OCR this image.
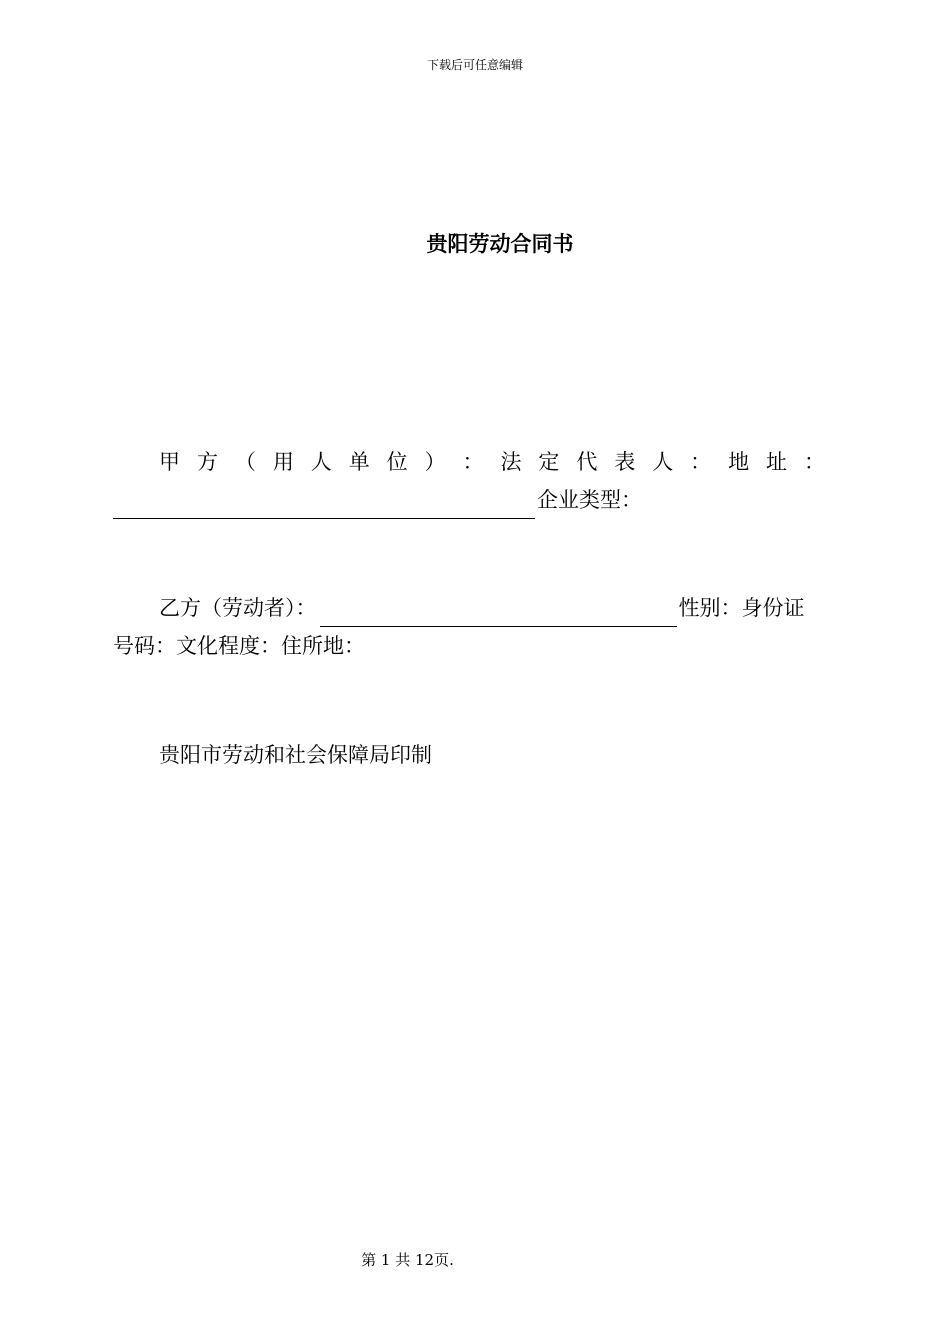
下载后可任意编辑
贵阳劳动合同书
甲 方 （ 用 人 单 位 ） ： 法 定 代 表 人 ： 地 址 ：
企业类型：
乙方（劳动者）：	性别：身份证
号码：文化程度：住所地：
贵阳市劳动和社会保障局印制
第 1 共 12页.
